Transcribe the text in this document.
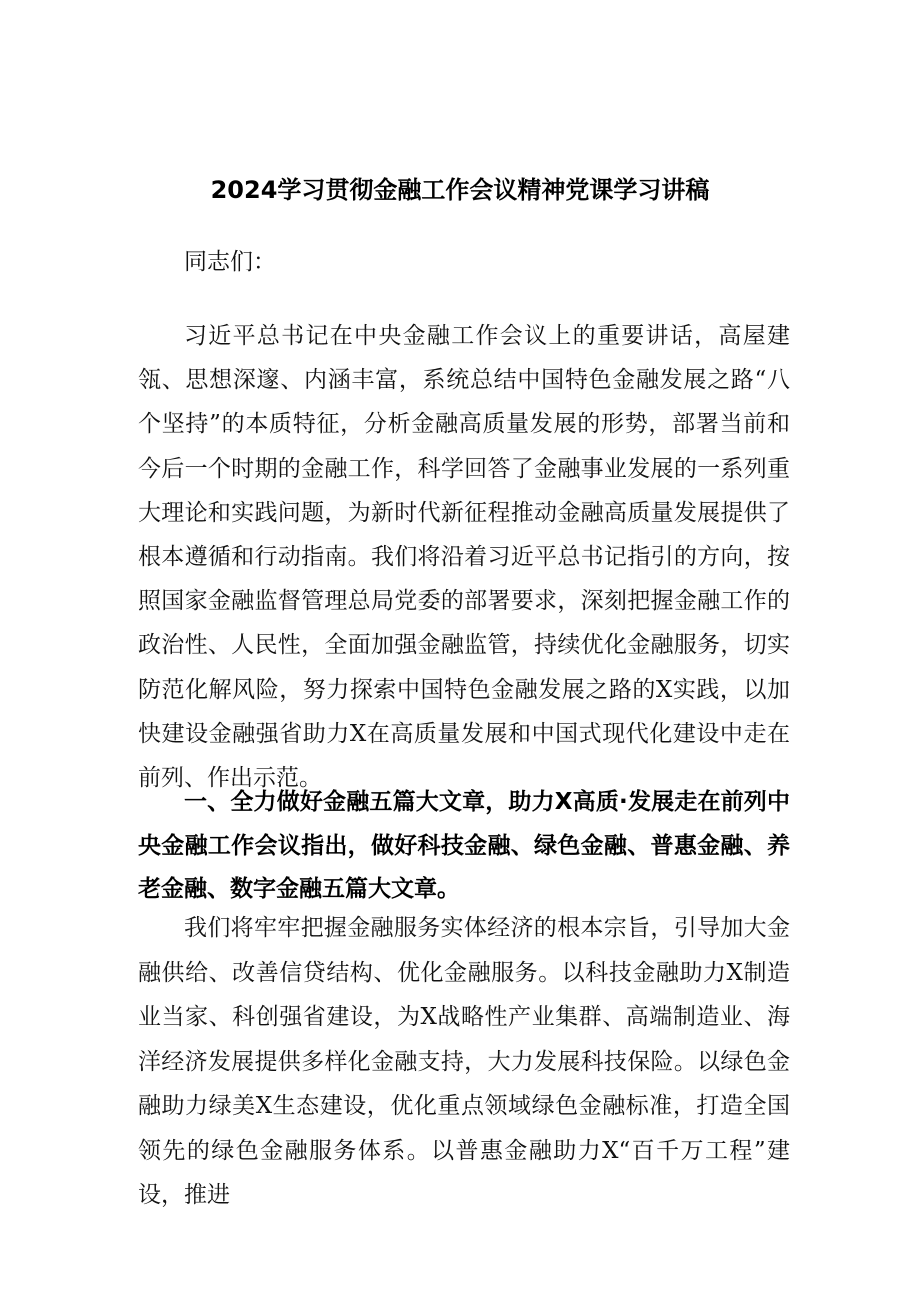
2024学习贯彻金融工作会议精神党课学习讲稿
同志们：
习近平总书记在中央金融工作会议上的重要讲话，高屋建瓴、思想深邃、内涵丰富，系统总结中国特色金融发展之路“八个坚持”的本质特征，分析金融高质量发展的形势，部署当前和今后一个时期的金融工作，科学回答了金融事业发展的一系列重大理论和实践问题，为新时代新征程推动金融高质量发展提供了根本遵循和行动指南。我们将沿着习近平总书记指引的方向，按照国家金融监督管理总局党委的部署要求，深刻把握金融工作的政治性、人民性，全面加强金融监管，持续优化金融服务，切实防范化解风险，努力探索中国特色金融发展之路的X实践，以加快建设金融强省助力X在高质量发展和中国式现代化建设中走在前列、作出示范。
一、全力做好金融五篇大文章，助力X高质·发展走在前列中央金融工作会议指出，做好科技金融、绿色金融、普惠金融、养老金融、数字金融五篇大文章。
我们将牢牢把握金融服务实体经济的根本宗旨，引导加大金融供给、改善信贷结构、优化金融服务。以科技金融助力X制造业当家、科创强省建设，为X战略性产业集群、高端制造业、海洋经济发展提供多样化金融支持，大力发展科技保险。以绿色金融助力绿美X生态建设，优化重点领域绿色金融标准，打造全国领先的绿色金融服务体系。以普惠金融助力X“百千万工程”建设，推进
